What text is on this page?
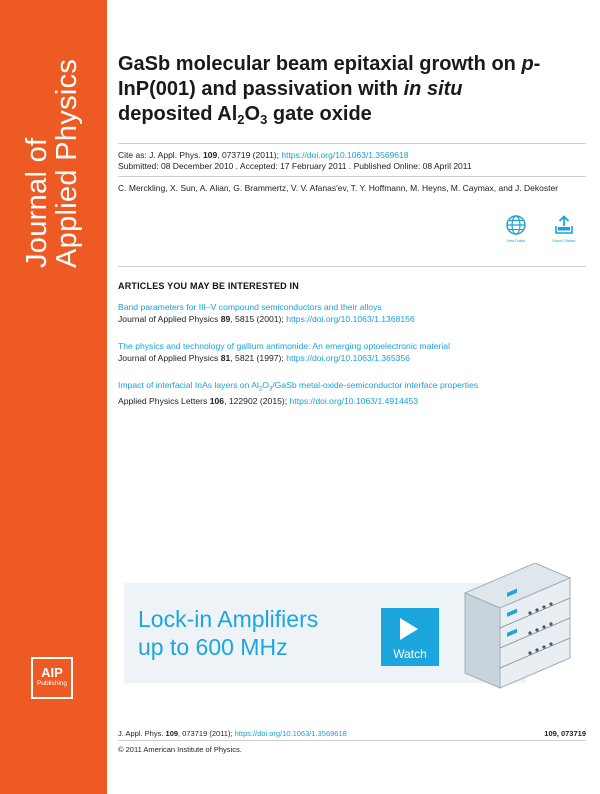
Journal of
Applied Physics
AIP
Publishing
GaSb molecular beam epitaxial growth on p-InP(001) and passivation with in situ deposited $Al_2O_3$ gate oxide
Cite as: J. Appl. Phys. 109, 073719 (2011); https://doi.org/10.1063/1.3569618
Submitted: 08 December 2010 . Accepted: 17 February 2011 . Published Online: 08 April 2011
C. Merckling, X. Sun, A. Alian, G. Brammertz, V. V. Afanas'ev, T. Y. Hoffmann, M. Heyns, M. Caymax, and J. Dekoster
View Online	Export Citation
ARTICLES YOU MAY BE INTERESTED IN
Band parameters for III–V compound semiconductors and their alloys
Journal of Applied Physics 89, 5815 (2001); https://doi.org/10.1063/1.1368156
The physics and technology of gallium antimonide: An emerging optoelectronic material
Journal of Applied Physics 81, 5821 (1997); https://doi.org/10.1063/1.365356
Impact of interfacial InAs layers on $Al_2O_3$/GaSb metal-oxide-semiconductor interface properties
Applied Physics Letters 106, 122902 (2015); https://doi.org/10.1063/1.4914453
Lock-in Amplifiers
up to 600 MHz	Watch
J. Appl. Phys. 109, 073719 (2011); https://doi.org/10.1063/1.3569618	109, 073719
© 2011 American Institute of Physics.
